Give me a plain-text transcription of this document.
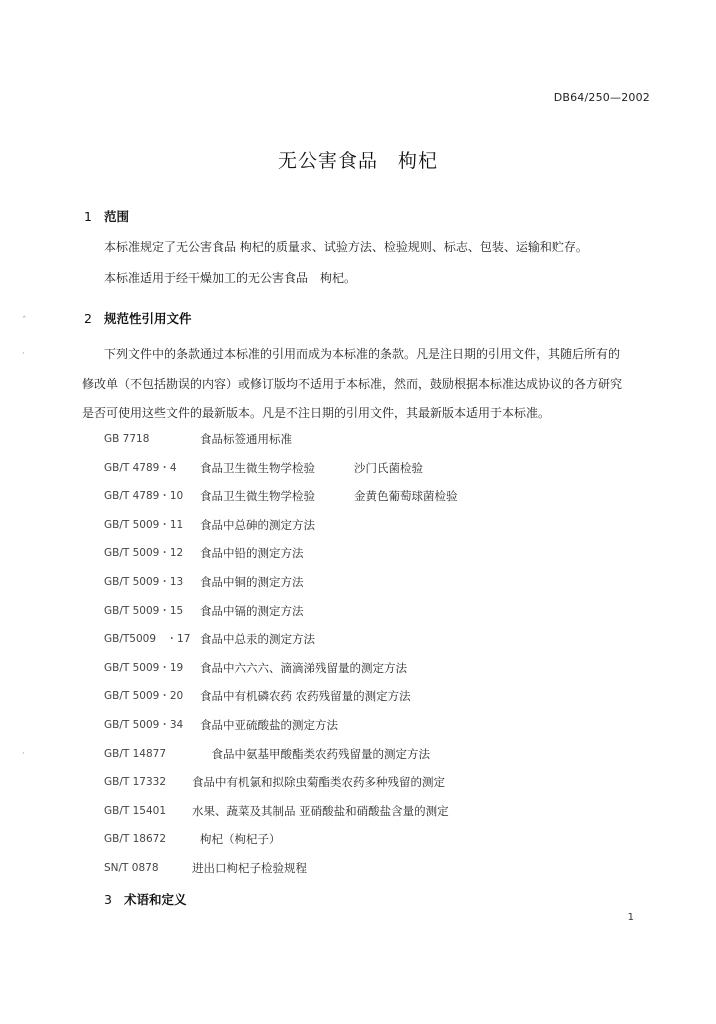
DB64/250—2002
无公害食品　枸杞
1 范围
本标准规定了无公害食品 枸杞的质量求、试验方法、检验规则、标志、包装、运输和贮存。
本标准适用于经干燥加工的无公害食品　枸杞。
2 规范性引用文件
下列文件中的条款通过本标准的引用而成为本标准的条款。凡是注日期的引用文件，其随后所有的
修改单（不包括勘误的内容）或修订版均不适用于本标准，然而，鼓励根据本标准达成协议的各方研究
是否可使用这些文件的最新版本。凡是不注日期的引用文件，其最新版本适用于本标准。
GB 7718	食品标签通用标准
GB/T 4789・4	食品卫生微生物学检验	沙门氏菌检验
GB/T 4789・10	食品卫生微生物学检验	金黄色葡萄球菌检验
GB/T 5009・11	食品中总砷的测定方法
GB/T 5009・12	食品中铅的测定方法
GB/T 5009・13	食品中铜的测定方法
GB/T 5009・15	食品中镉的测定方法
GB/T5009　・17 食品中总汞的测定方法
GB/T 5009・19	食品中六六六、滴滴涕残留量的测定方法
GB/T 5009・20	食品中有机磷农药 农药残留量的测定方法
GB/T 5009・34	食品中亚硫酸盐的测定方法
GB/T 14877	　食品中氨基甲酸酯类农药残留量的测定方法
GB/T 17332	食品中有机氯和拟除虫菊酯类农药多种残留的测定
GB/T 15401	水果、蔬菜及其制品 亚硝酸盐和硝酸盐含量的测定
GB/T 18672	枸杞（枸杞子）
SN/T 0878	进出口枸杞子检验规程
3 术语和定义
1
ˆ
·
·
